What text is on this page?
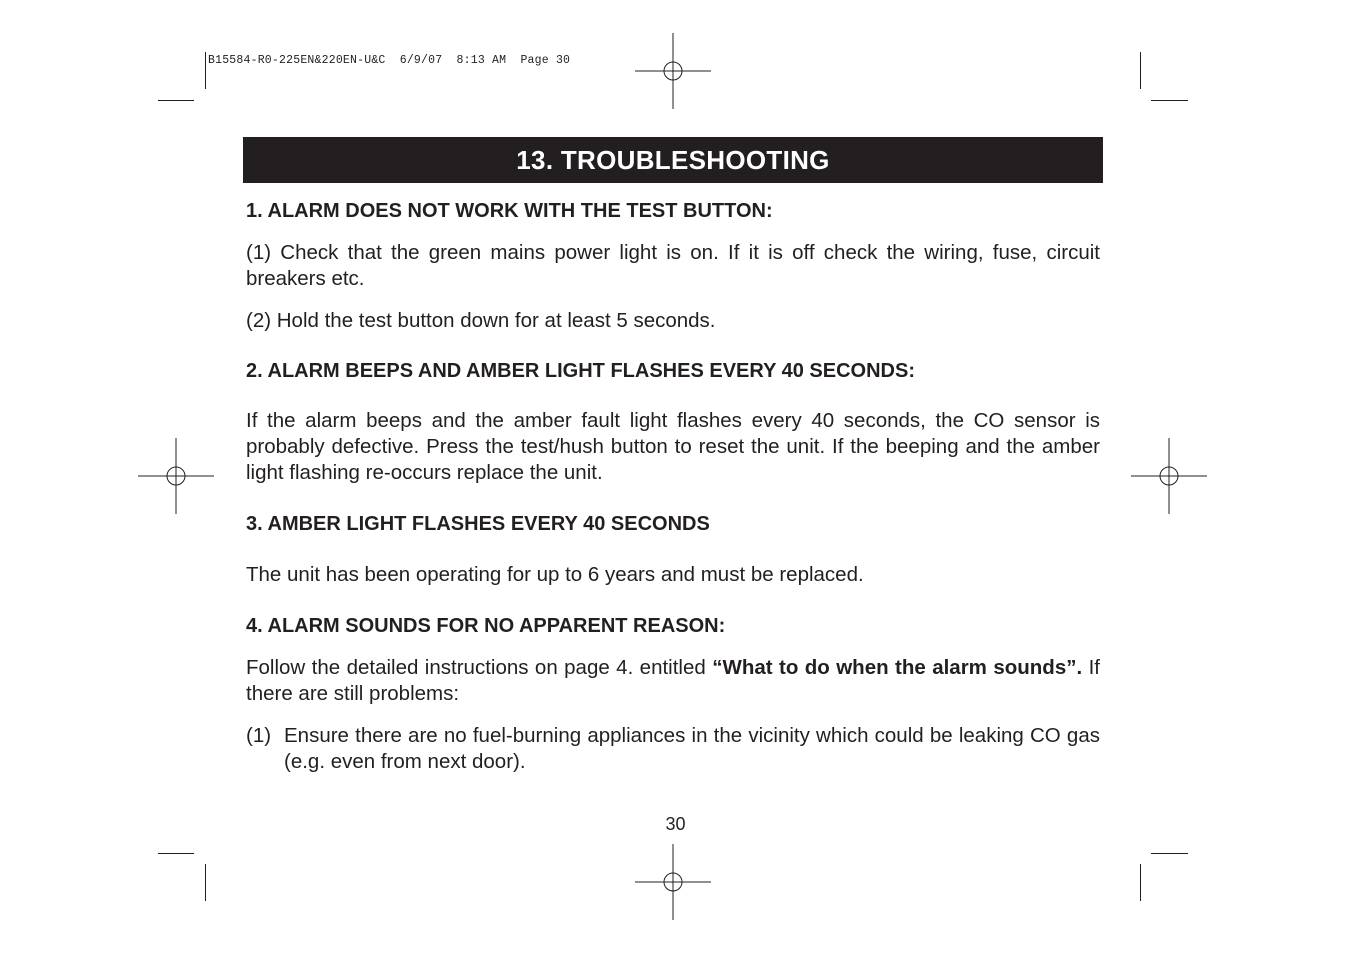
B15584-R0-225EN&220EN-U&C  6/9/07  8:13 AM  Page 30
13. TROUBLESHOOTING

1. ALARM DOES NOT WORK WITH THE TEST BUTTON:

(1) Check that the green mains power light is on. If it is off check the wiring, fuse, circuit breakers etc.

(2) Hold the test button down for at least 5 seconds.

2. ALARM BEEPS AND AMBER LIGHT FLASHES EVERY 40 SECONDS:

If the alarm beeps and the amber fault light flashes every 40 seconds, the CO sensor is probably defective. Press the test/hush button to reset the unit. If the beeping and the amber light flashing re-occurs replace the unit.

3. AMBER LIGHT FLASHES EVERY 40 SECONDS

The unit has been operating for up to 6 years and must be replaced.

4. ALARM SOUNDS FOR NO APPARENT REASON:

Follow the detailed instructions on page 4. entitled “What to do when the alarm sounds”. If there are still problems:

(1) Ensure there are no fuel-burning appliances in the vicinity which could be leaking CO gas (e.g. even from next door).
30
